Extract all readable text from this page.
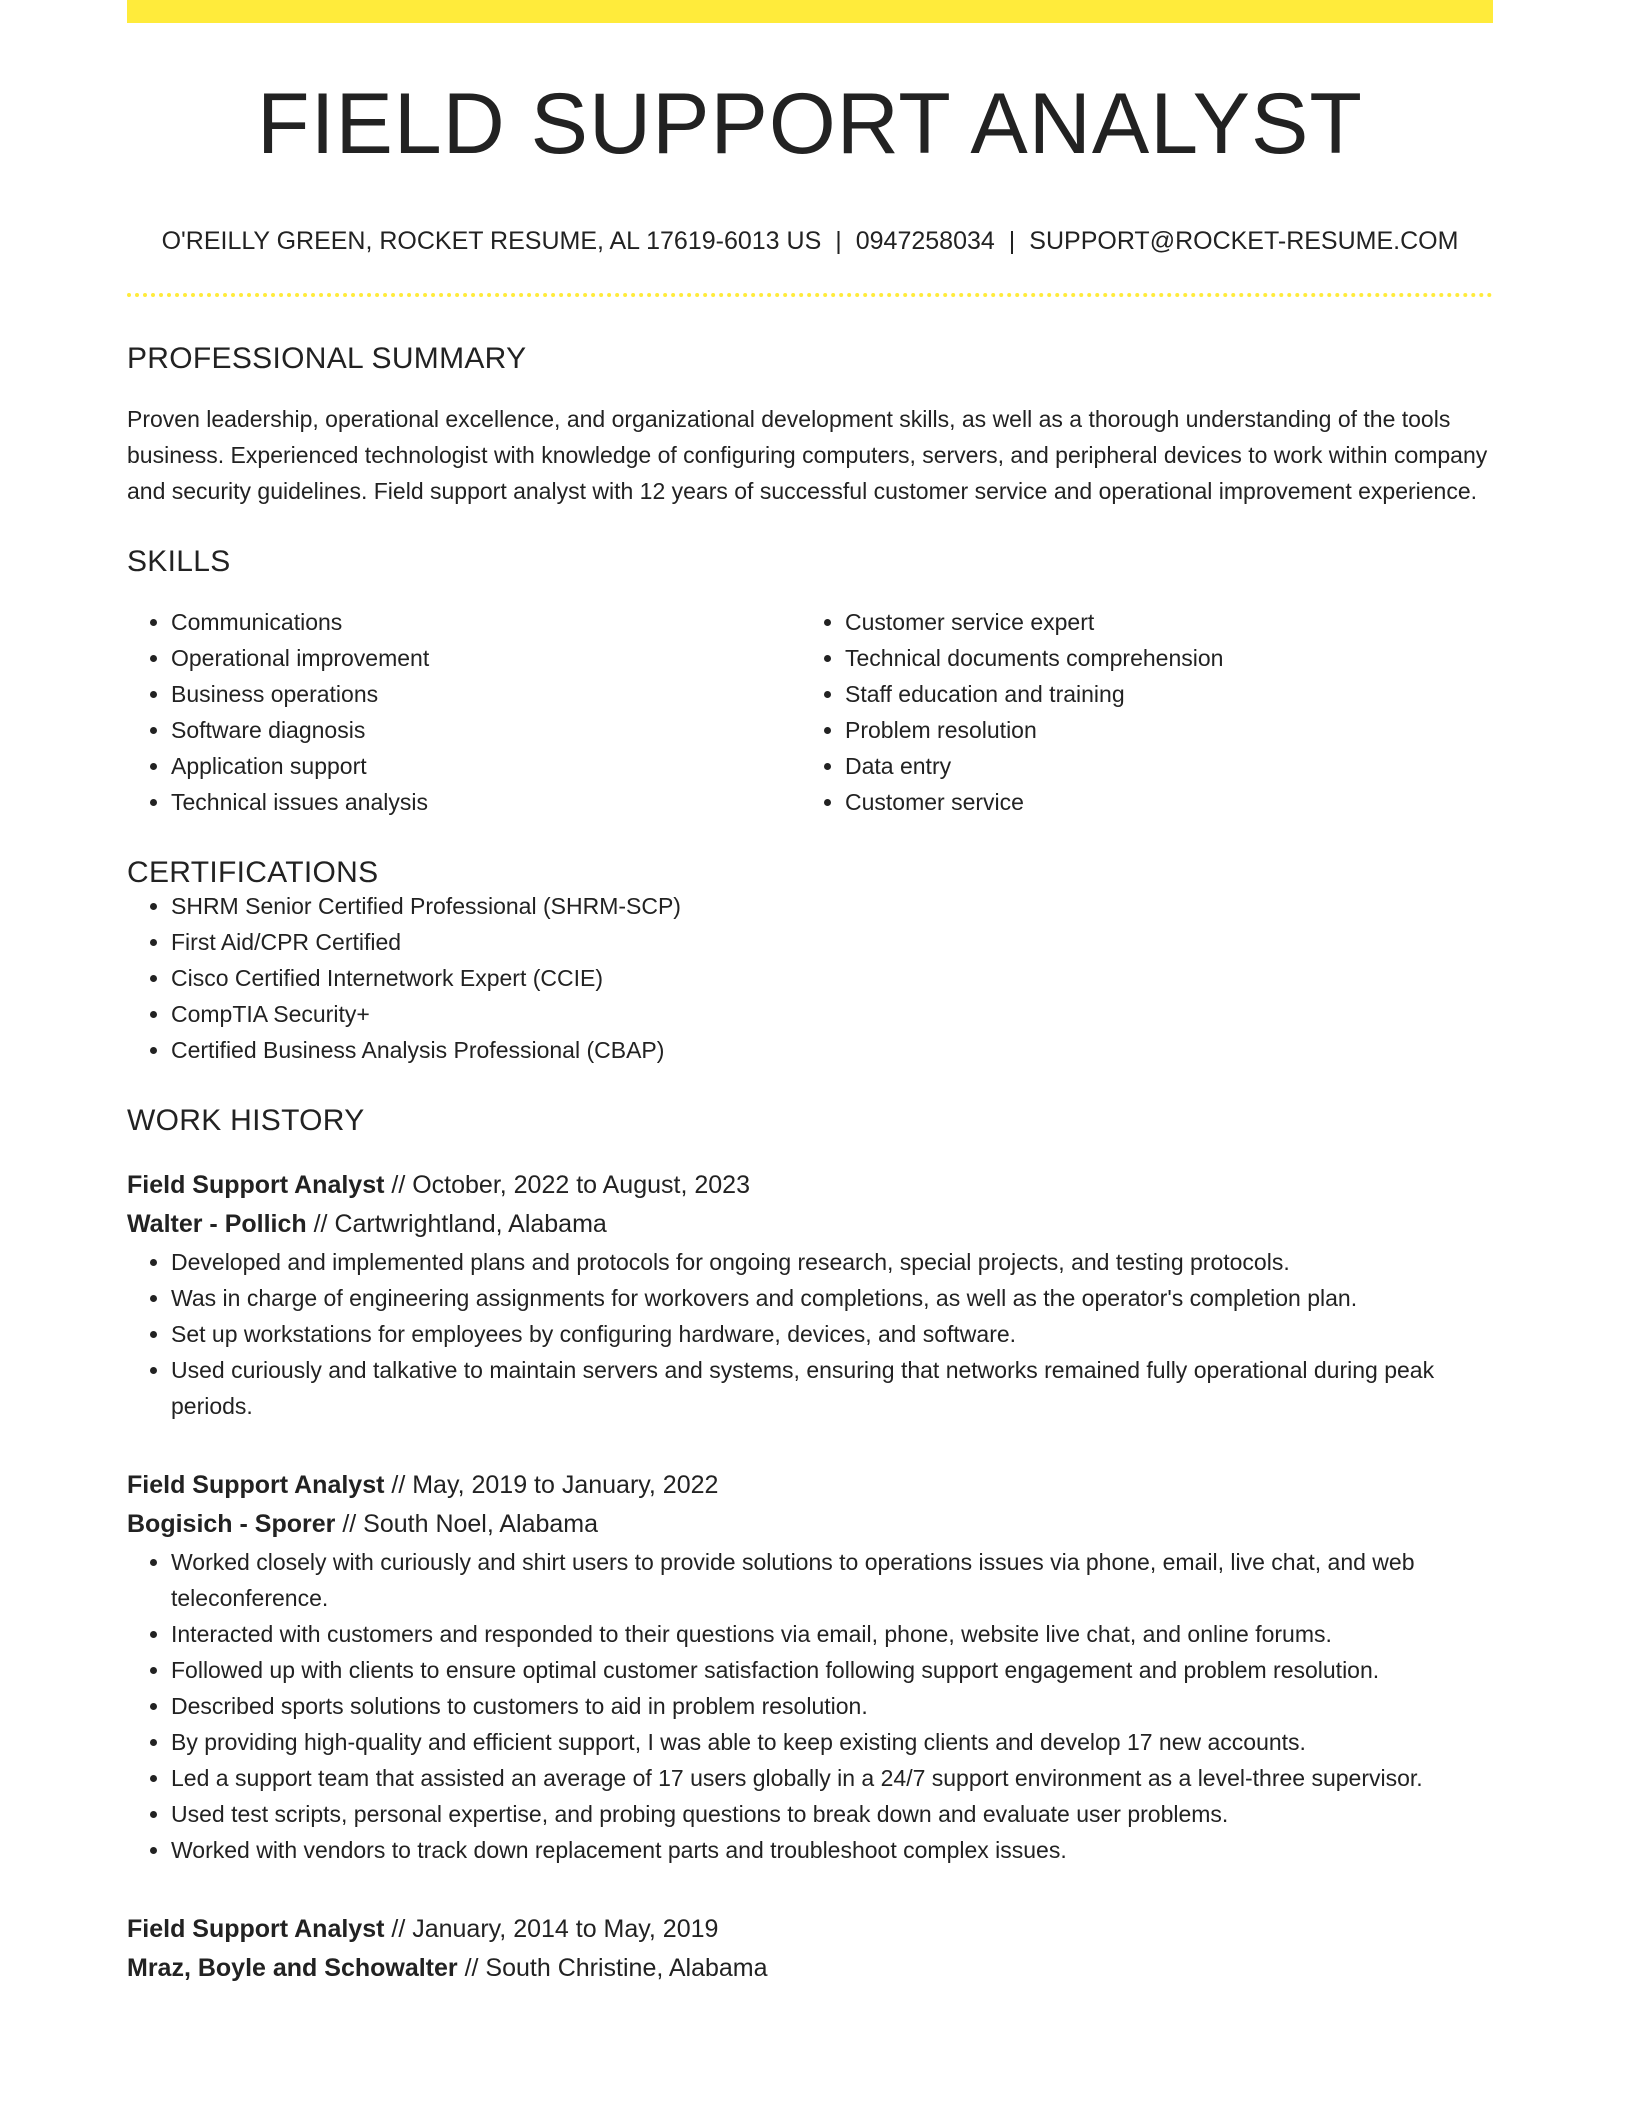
FIELD SUPPORT ANALYST
O'REILLY GREEN, ROCKET RESUME, AL 17619-6013 US | 0947258034 | SUPPORT@ROCKET-RESUME.COM
PROFESSIONAL SUMMARY
Proven leadership, operational excellence, and organizational development skills, as well as a thorough understanding of the tools business. Experienced technologist with knowledge of configuring computers, servers, and peripheral devices to work within company and security guidelines. Field support analyst with 12 years of successful customer service and operational improvement experience.
SKILLS
• Communications
• Operational improvement
• Business operations
• Software diagnosis
• Application support
• Technical issues analysis
• Customer service expert
• Technical documents comprehension
• Staff education and training
• Problem resolution
• Data entry
• Customer service
CERTIFICATIONS
• SHRM Senior Certified Professional (SHRM-SCP)
• First Aid/CPR Certified
• Cisco Certified Internetwork Expert (CCIE)
• CompTIA Security+
• Certified Business Analysis Professional (CBAP)
WORK HISTORY
Field Support Analyst // October, 2022 to August, 2023
Walter - Pollich // Cartwrightland, Alabama
• Developed and implemented plans and protocols for ongoing research, special projects, and testing protocols.
• Was in charge of engineering assignments for workovers and completions, as well as the operator's completion plan.
• Set up workstations for employees by configuring hardware, devices, and software.
• Used curiously and talkative to maintain servers and systems, ensuring that networks remained fully operational during peak periods.
Field Support Analyst // May, 2019 to January, 2022
Bogisich - Sporer // South Noel, Alabama
• Worked closely with curiously and shirt users to provide solutions to operations issues via phone, email, live chat, and web teleconference.
• Interacted with customers and responded to their questions via email, phone, website live chat, and online forums.
• Followed up with clients to ensure optimal customer satisfaction following support engagement and problem resolution.
• Described sports solutions to customers to aid in problem resolution.
• By providing high-quality and efficient support, I was able to keep existing clients and develop 17 new accounts.
• Led a support team that assisted an average of 17 users globally in a 24/7 support environment as a level-three supervisor.
• Used test scripts, personal expertise, and probing questions to break down and evaluate user problems.
• Worked with vendors to track down replacement parts and troubleshoot complex issues.
Field Support Analyst // January, 2014 to May, 2019
Mraz, Boyle and Schowalter // South Christine, Alabama
